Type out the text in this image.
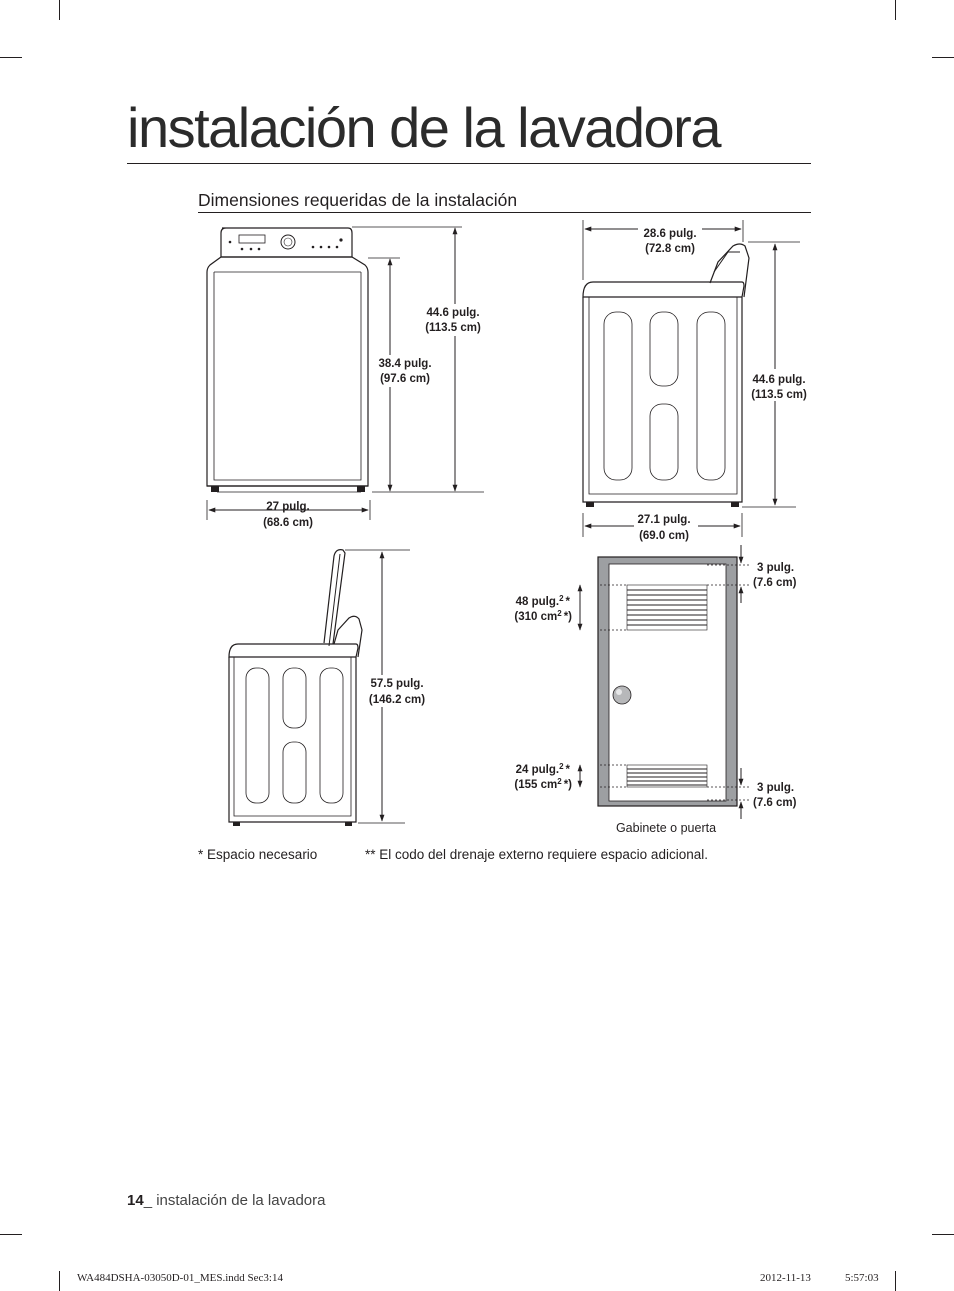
instalación de la lavadora
Dimensiones requeridas de la instalación
44.6 pulg.
(113.5 cm)
38.4 pulg.
(97.6 cm)
27 pulg.
(68.6 cm)
28.6 pulg.
(72.8 cm)
44.6 pulg.
(113.5 cm)
27.1 pulg.
(69.0 cm)
57.5 pulg.
(146.2 cm)
3 pulg.
(7.6 cm)
3 pulg.
(7.6 cm)
48 pulg.$^2$ $_*$
(310 $cm^2$ $_{*)}$
24 pulg.$^2$ $_*$
(155 $cm^2$ $_{*)}$
Gabinete o puerta
* Espacio necesario	** El codo del drenaje externo requiere espacio adicional.
14_ instalación de la lavadora
WA484DSHA-03050D-01_MES.indd Sec3:14	2012-11-13	5:57:03
